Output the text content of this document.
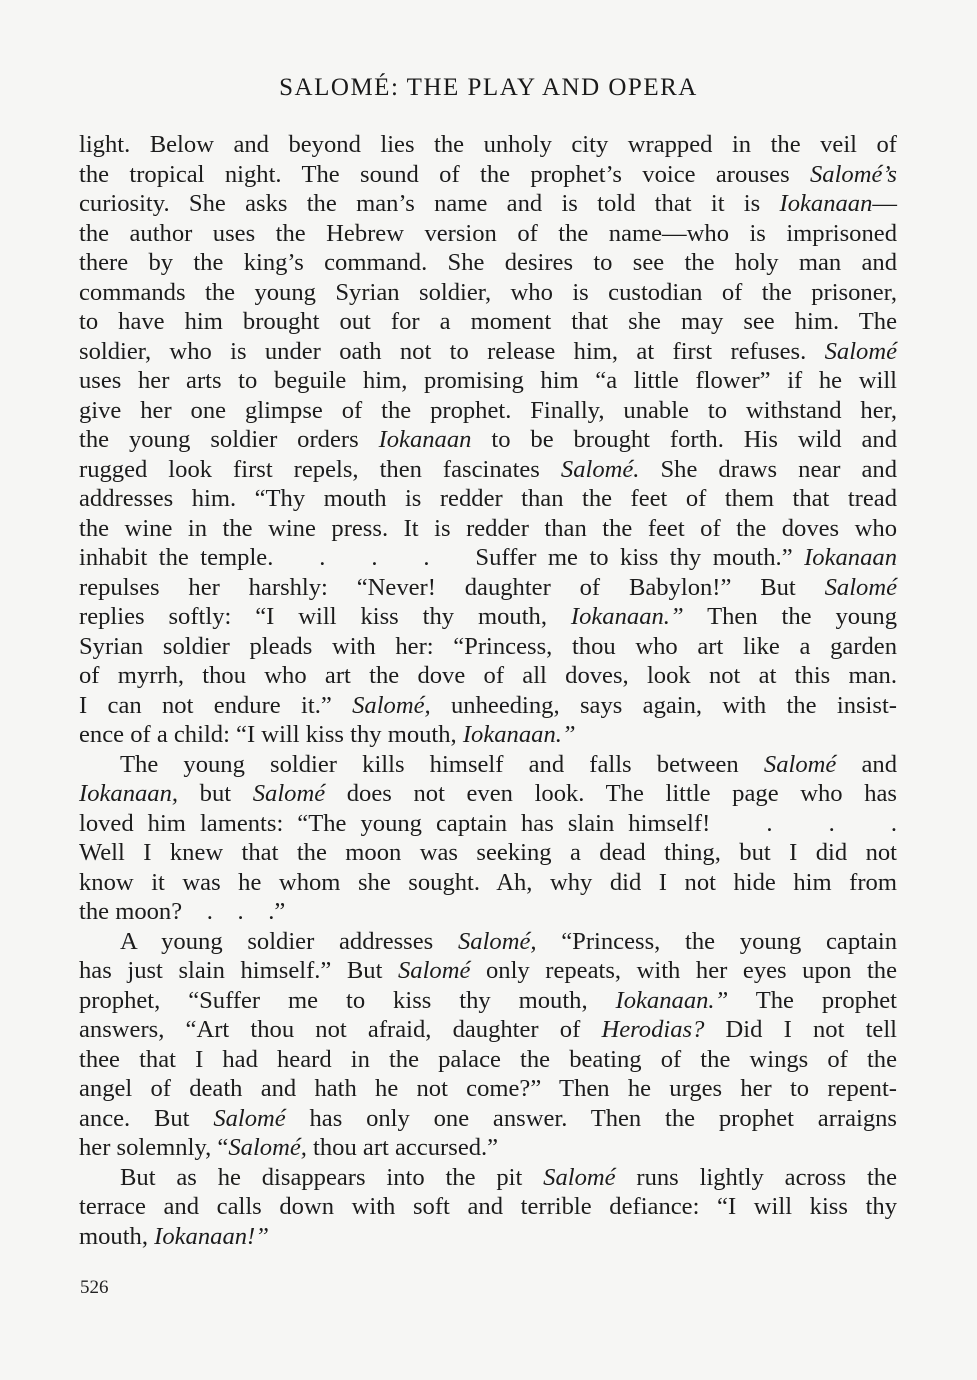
SALOMÉ: THE PLAY AND OPERA
light. Below and beyond lies the unholy city wrapped in the veil of
the tropical night. The sound of the prophet’s voice arouses Salomé’s
curiosity. She asks the man’s name and is told that it is Iokanaan—
the author uses the Hebrew version of the name—who is imprisoned
there by the king’s command. She desires to see the holy man and
commands the young Syrian soldier, who is custodian of the prisoner,
to have him brought out for a moment that she may see him. The
soldier, who is under oath not to release him, at first refuses. Salomé
uses her arts to beguile him, promising him “a little flower” if he will
give her one glimpse of the prophet. Finally, unable to withstand her,
the young soldier orders Iokanaan to be brought forth. His wild and
rugged look first repels, then fascinates Salomé. She draws near and
addresses him. “Thy mouth is redder than the feet of them that tread
the wine in the wine press. It is redder than the feet of the doves who
inhabit the temple.    .    .    .    Suffer me to kiss thy mouth.” Iokanaan
repulses her harshly: “Never! daughter of Babylon!” But Salomé
replies softly: “I will kiss thy mouth, Iokanaan.” Then the young
Syrian soldier pleads with her: “Princess, thou who art like a garden
of myrrh, thou who art the dove of all doves, look not at this man.
I can not endure it.” Salomé, unheeding, says again, with the insist-
ence of a child: “I will kiss thy mouth, Iokanaan.”
The young soldier kills himself and falls between Salomé and
Iokanaan, but Salomé does not even look. The little page who has
loved him laments: “The young captain has slain himself!    .    .    .
Well I knew that the moon was seeking a dead thing, but I did not
know it was he whom she sought. Ah, why did I not hide him from
the moon?    .    .    .”
A young soldier addresses Salomé, “Princess, the young captain
has just slain himself.” But Salomé only repeats, with her eyes upon the
prophet, “Suffer me to kiss thy mouth, Iokanaan.” The prophet
answers, “Art thou not afraid, daughter of Herodias? Did I not tell
thee that I had heard in the palace the beating of the wings of the
angel of death and hath he not come?” Then he urges her to repent-
ance. But Salomé has only one answer. Then the prophet arraigns
her solemnly, “Salomé, thou art accursed.”
But as he disappears into the pit Salomé runs lightly across the
terrace and calls down with soft and terrible defiance: “I will kiss thy
mouth, Iokanaan!”
526
